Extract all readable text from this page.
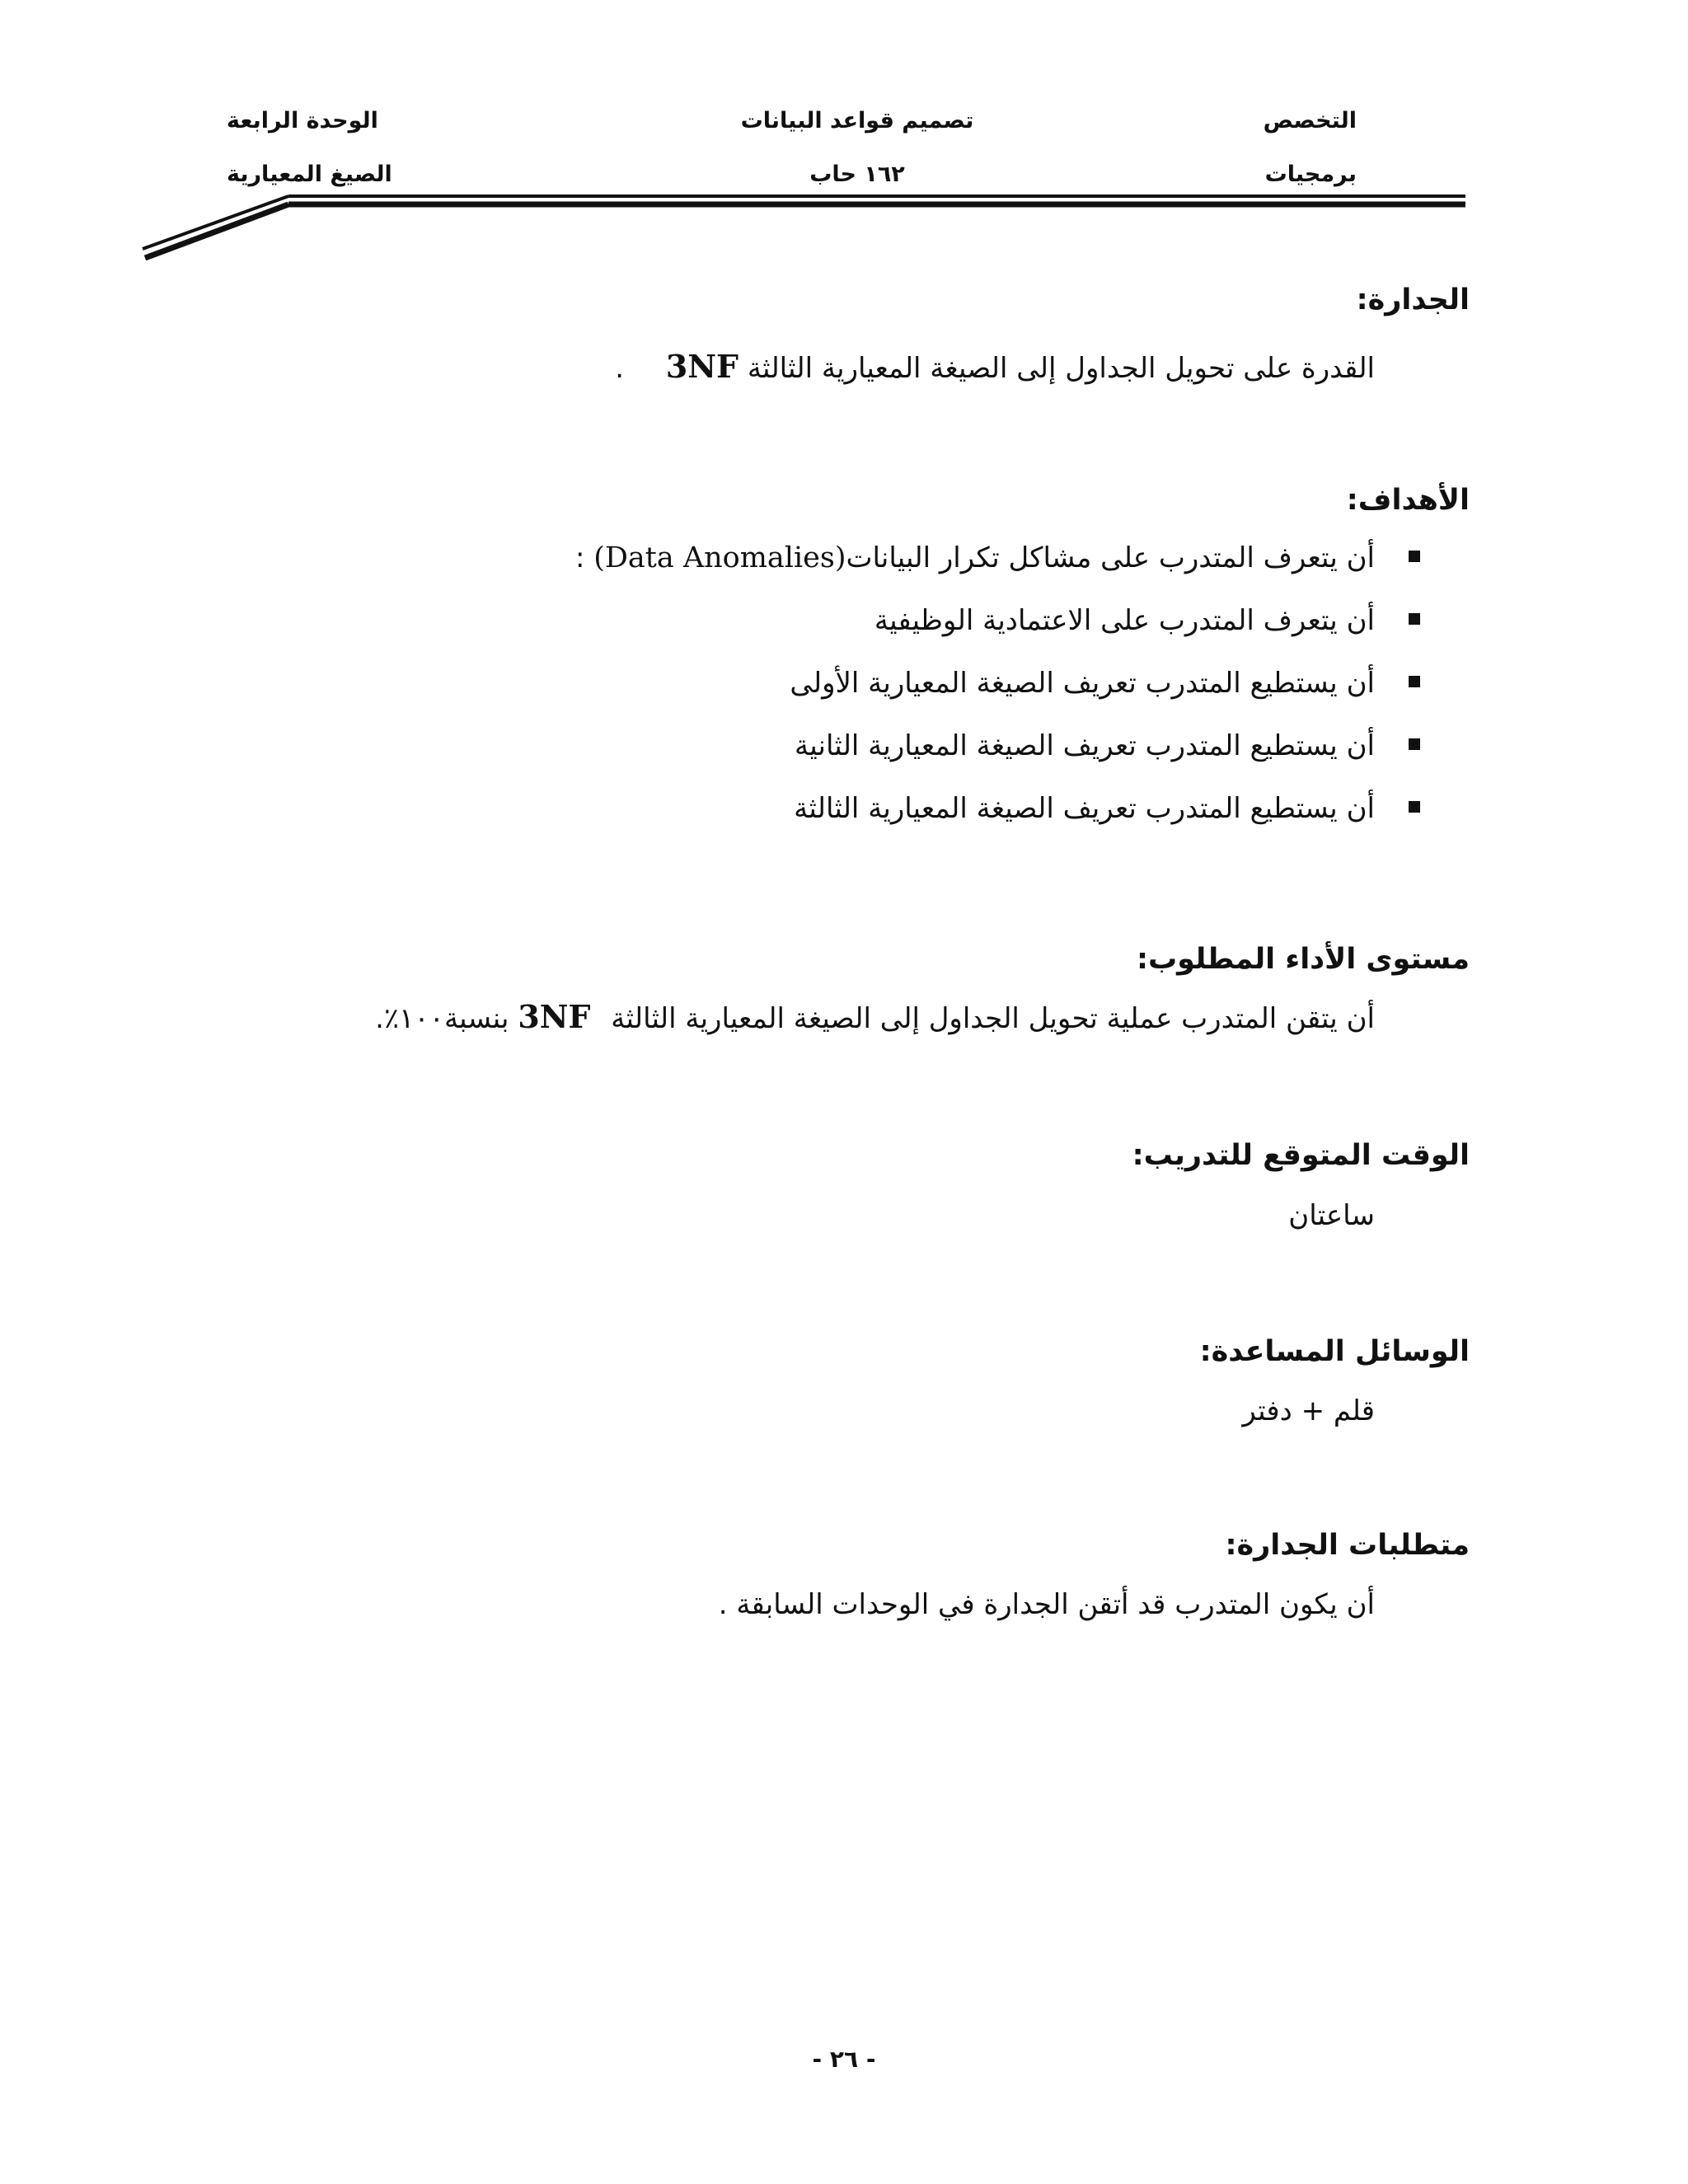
التخصص
تصميم قواعد البيانات
الوحدة الرابعة
برمجيات
١٦٢ حاب
الصيغ المعيارية
الجدارة:
القدرة على تحويل الجداول إلى الصيغة المعيارية الثالثة 3NF .
الأهداف:
أن يتعرف المتدرب على مشاكل تكرار البيانات(Data Anomalies) :
أن يتعرف المتدرب على الاعتمادية الوظيفية
أن يستطيع المتدرب تعريف الصيغة المعيارية الأولى
أن يستطيع المتدرب تعريف الصيغة المعيارية الثانية
أن يستطيع المتدرب تعريف الصيغة المعيارية الثالثة
مستوى الأداء المطلوب:
أن يتقن المتدرب عملية تحويل الجداول إلى الصيغة المعيارية الثالثة 3NF بنسبة١٠٠٪.
الوقت المتوقع للتدريب:
ساعتان
الوسائل المساعدة:
قلم + دفتر
متطلبات الجدارة:
أن يكون المتدرب قد أتقن الجدارة في الوحدات السابقة .
- ٢٦ -
